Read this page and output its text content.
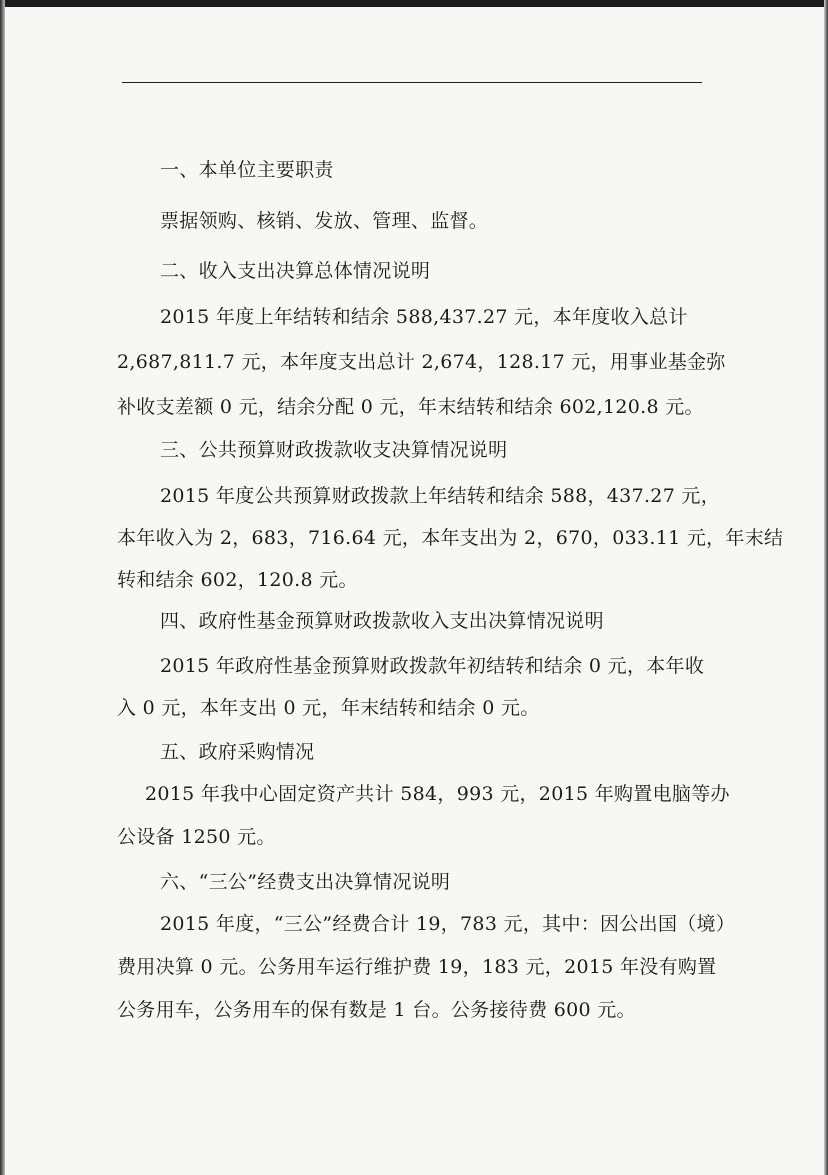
一、本单位主要职责
票据领购、核销、发放、管理、监督。
二、收入支出决算总体情况说明
2015 年度上年结转和结余 588,437.27 元，本年度收入总计
2,687,811.7 元，本年度支出总计 2,674，128.17 元，用事业基金弥
补收支差额 0 元，结余分配 0 元，年末结转和结余 602,120.8 元。
三、公共预算财政拨款收支决算情况说明
2015 年度公共预算财政拨款上年结转和结余 588，437.27 元，
本年收入为 2，683，716.64 元，本年支出为 2，670，033.11 元，年末结
转和结余 602，120.8 元。
四、政府性基金预算财政拨款收入支出决算情况说明
2015 年政府性基金预算财政拨款年初结转和结余 0 元，本年收
入 0 元，本年支出 0 元，年末结转和结余 0 元。
五、政府采购情况
2015 年我中心固定资产共计 584，993 元，2015 年购置电脑等办
公设备 1250 元。
六、“三公”经费支出决算情况说明
2015 年度，“三公”经费合计 19，783 元，其中：因公出国（境）
费用决算 0 元。公务用车运行维护费 19，183 元，2015 年没有购置
公务用车，公务用车的保有数是 1 台。公务接待费 600 元。
